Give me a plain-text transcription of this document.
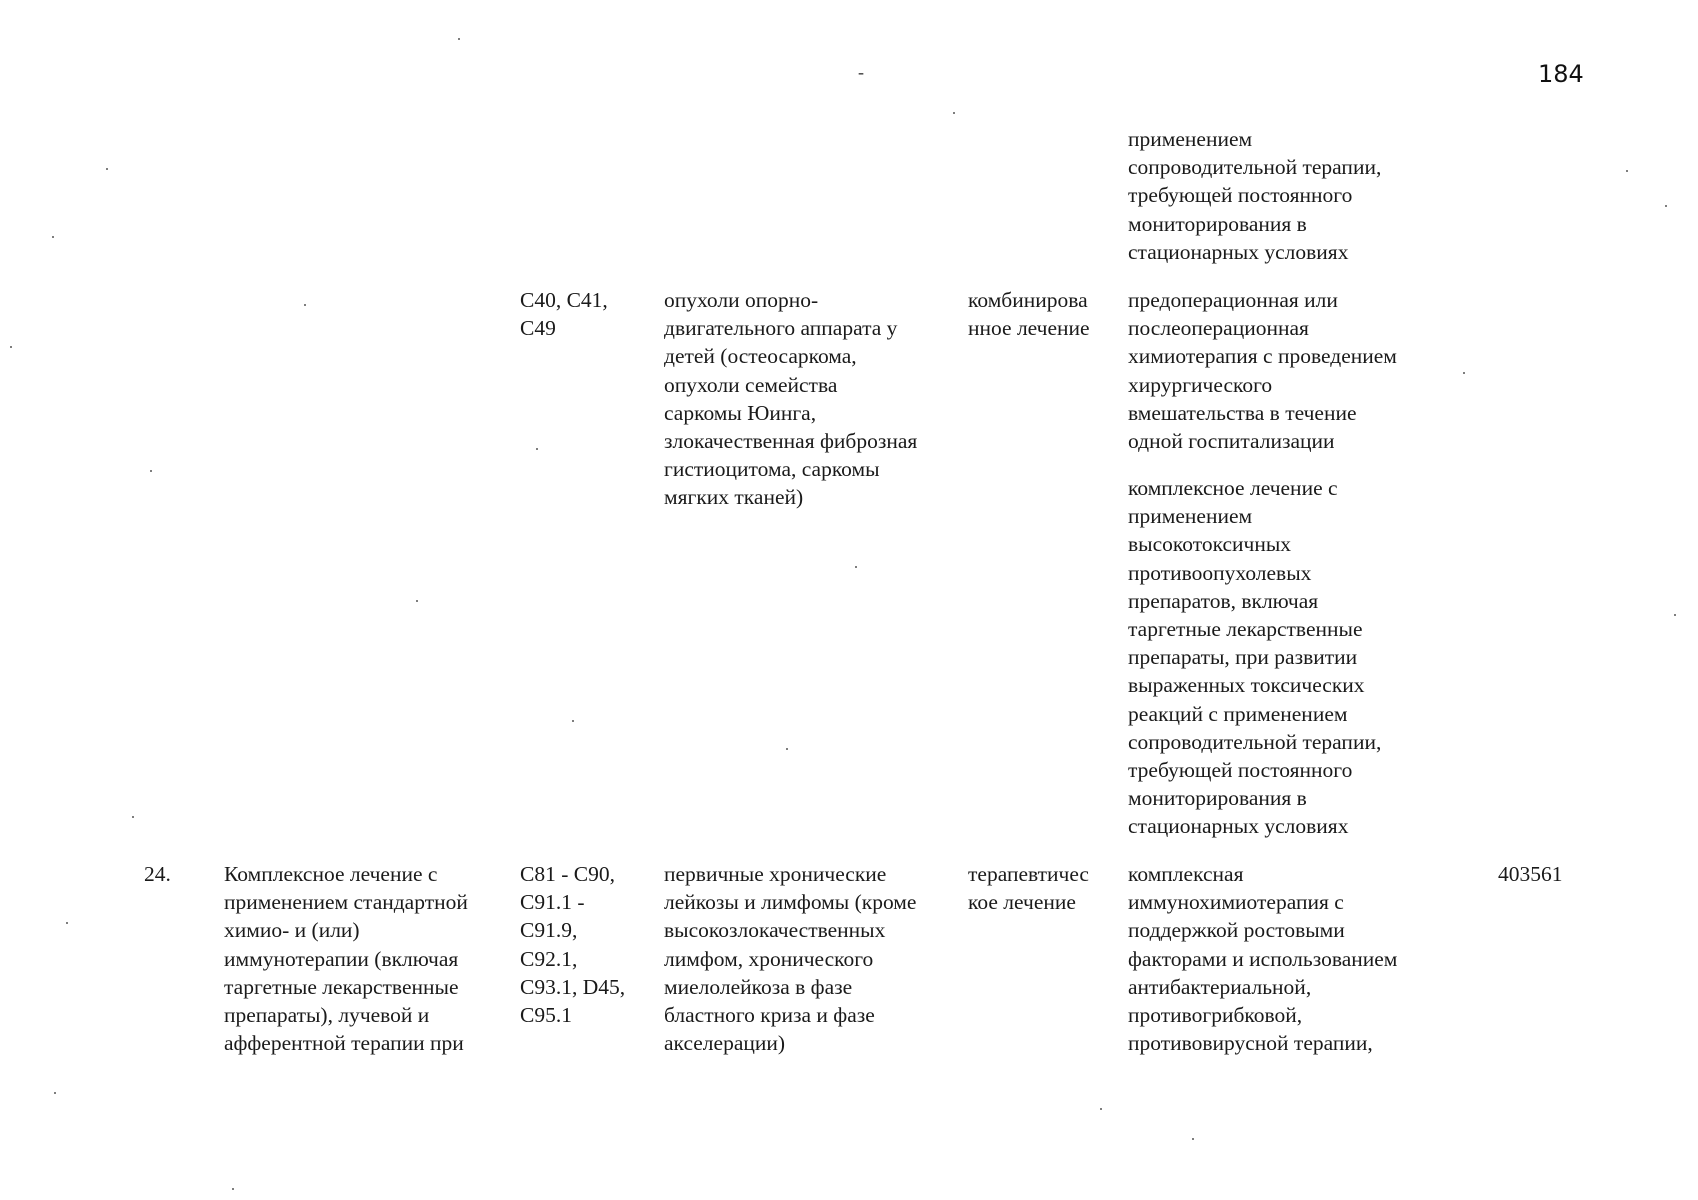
184
-
применением
сопроводительной терапии,
требующей постоянного
мониторирования в
стационарных условиях
C40, C41,
C49
опухоли опорно-
двигательного аппарата у
детей (остеосаркома,
опухоли семейства
саркомы Юинга,
злокачественная фиброзная
гистиоцитома, саркомы
мягких тканей)
комбинирова
нное лечение
предоперационная или
послеоперационная
химиотерапия с проведением
хирургического
вмешательства в течение
одной госпитализации
комплексное лечение с
применением
высокотоксичных
противоопухолевых
препаратов, включая
таргетные лекарственные
препараты, при развитии
выраженных токсических
реакций с применением
сопроводительной терапии,
требующей постоянного
мониторирования в
стационарных условиях
24. Комплексное лечение с
применением стандартной
химио- и (или)
иммунотерапии (включая
таргетные лекарственные
препараты), лучевой и
афферентной терапии при
C81 - C90,
C91.1 -
C91.9,
C92.1,
C93.1, D45,
C95.1
первичные хронические
лейкозы и лимфомы (кроме
высокозлокачественных
лимфом, хронического
миелолейкоза в фазе
бластного криза и фазе
акселерации)
терапевтичес
кое лечение
комплексная
иммунохимиотерапия с
поддержкой ростовыми
факторами и использованием
антибактериальной,
противогрибковой,
противовирусной терапии,
403561
